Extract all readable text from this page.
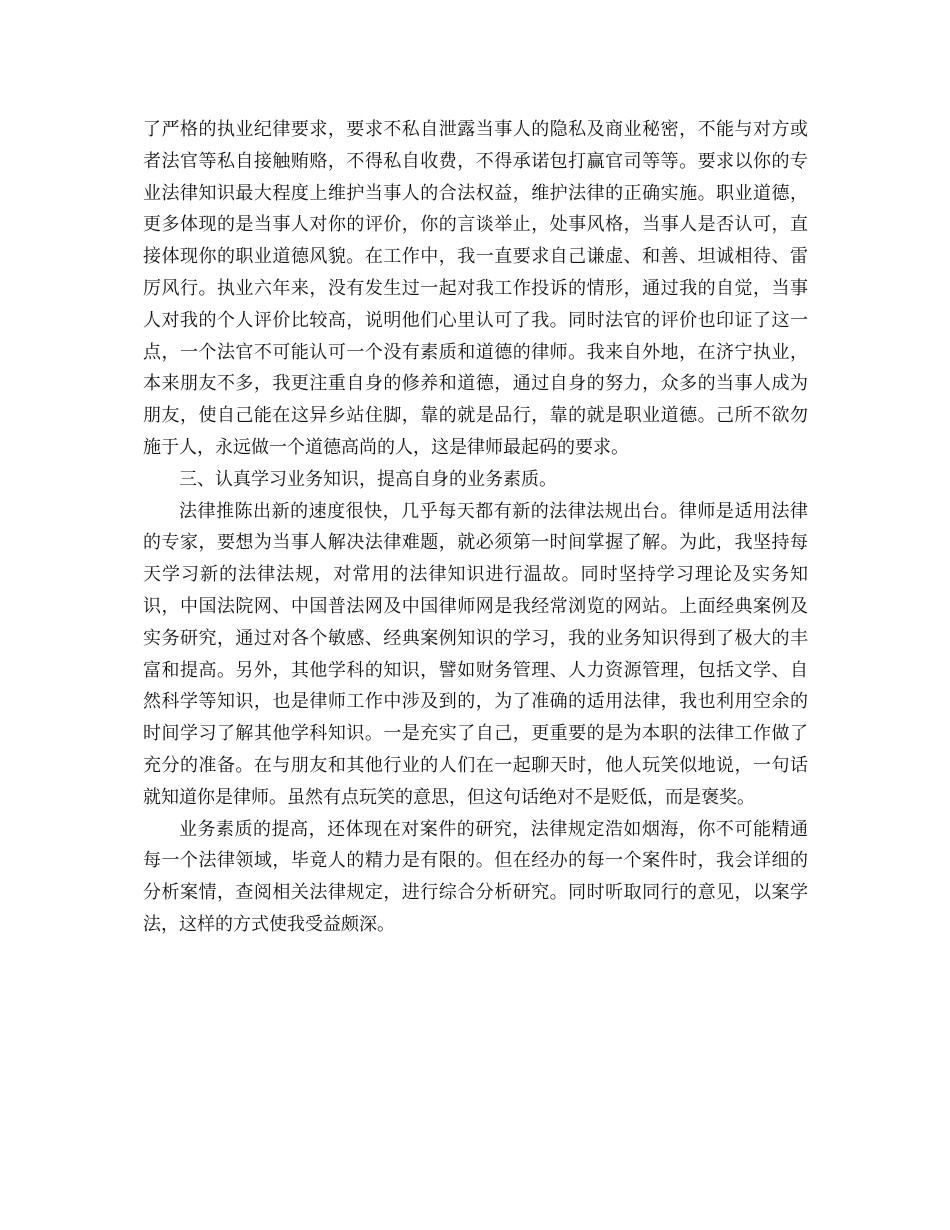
了严格的执业纪律要求，要求不私自泄露当事人的隐私及商业秘密，不能与对方或者法官等私自接触贿赂，不得私自收费，不得承诺包打赢官司等等。要求以你的专业法律知识最大程度上维护当事人的合法权益，维护法律的正确实施。职业道德，更多体现的是当事人对你的评价，你的言谈举止，处事风格，当事人是否认可，直接体现你的职业道德风貌。在工作中，我一直要求自己谦虚、和善、坦诚相待、雷厉风行。执业六年来，没有发生过一起对我工作投诉的情形，通过我的自觉，当事人对我的个人评价比较高，说明他们心里认可了我。同时法官的评价也印证了这一点，一个法官不可能认可一个没有素质和道德的律师。我来自外地，在济宁执业，本来朋友不多，我更注重自身的修养和道德，通过自身的努力，众多的当事人成为朋友，使自己能在这异乡站住脚，靠的就是品行，靠的就是职业道德。己所不欲勿施于人，永远做一个道德高尚的人，这是律师最起码的要求。

三、认真学习业务知识，提高自身的业务素质。

法律推陈出新的速度很快，几乎每天都有新的法律法规出台。律师是适用法律的专家，要想为当事人解决法律难题，就必须第一时间掌握了解。为此，我坚持每天学习新的法律法规，对常用的法律知识进行温故。同时坚持学习理论及实务知识，中国法院网、中国普法网及中国律师网是我经常浏览的网站。上面经典案例及实务研究，通过对各个敏感、经典案例知识的学习，我的业务知识得到了极大的丰富和提高。另外，其他学科的知识，譬如财务管理、人力资源管理，包括文学、自然科学等知识，也是律师工作中涉及到的，为了准确的适用法律，我也利用空余的时间学习了解其他学科知识。一是充实了自己，更重要的是为本职的法律工作做了充分的准备。在与朋友和其他行业的人们在一起聊天时，他人玩笑似地说，一句话就知道你是律师。虽然有点玩笑的意思，但这句话绝对不是贬低，而是褒奖。

业务素质的提高，还体现在对案件的研究，法律规定浩如烟海，你不可能精通每一个法律领域，毕竟人的精力是有限的。但在经办的每一个案件时，我会详细的分析案情，查阅相关法律规定，进行综合分析研究。同时听取同行的意见，以案学法，这样的方式使我受益颇深。
